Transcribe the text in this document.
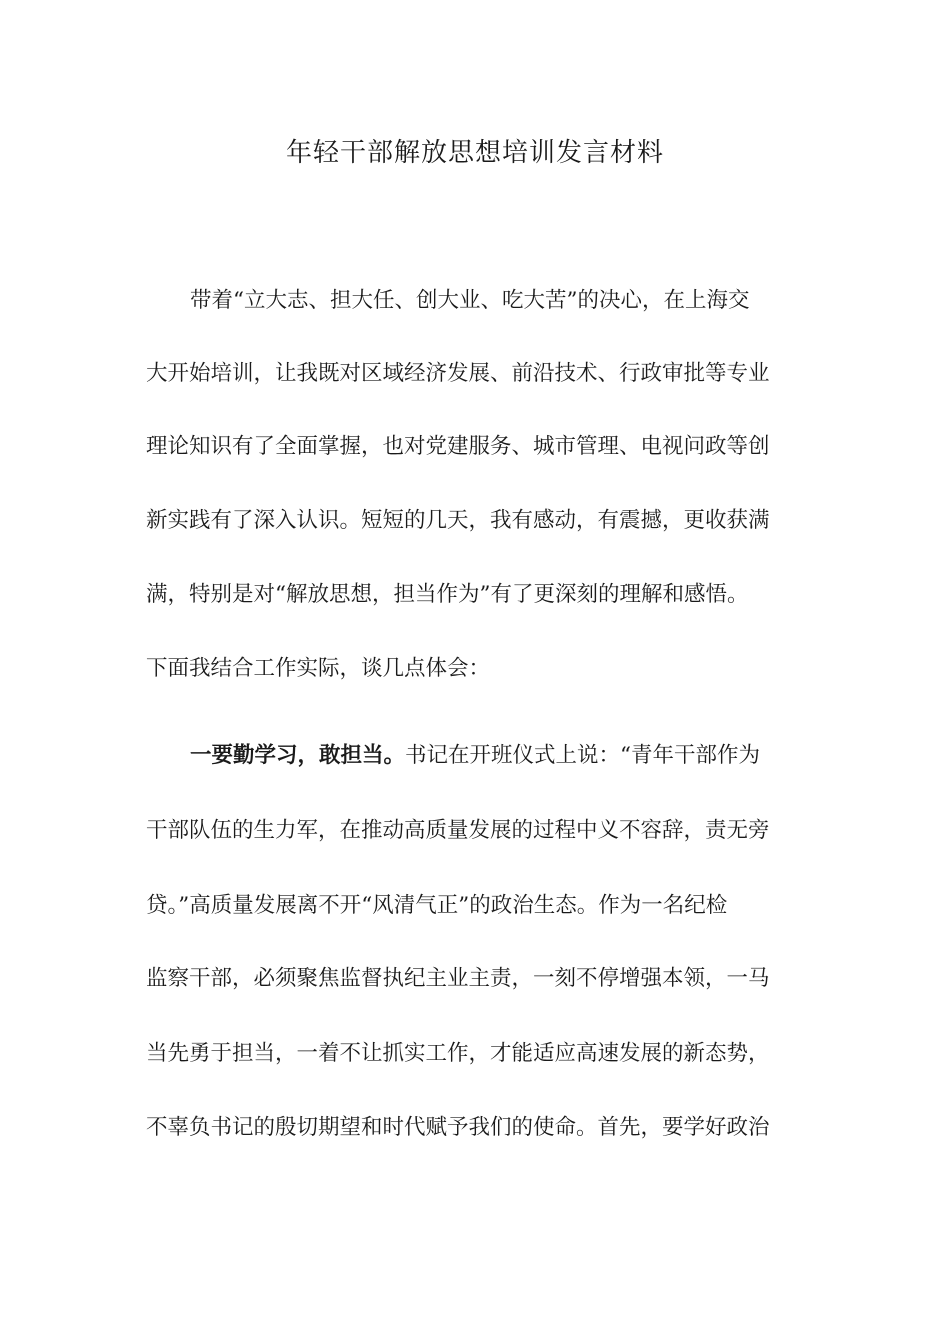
年轻干部解放思想培训发言材料
带着“立大志、担大任、创大业、吃大苦”的决心，在上海交
大开始培训，让我既对区域经济发展、前沿技术、行政审批等专业
理论知识有了全面掌握，也对党建服务、城市管理、电视问政等创
新实践有了深入认识。短短的几天，我有感动，有震撼，更收获满
满，特别是对“解放思想，担当作为”有了更深刻的理解和感悟。
下面我结合工作实际，谈几点体会：
一要勤学习，敢担当。书记在开班仪式上说：“青年干部作为
干部队伍的生力军，在推动高质量发展的过程中义不容辞，责无旁
贷。”高质量发展离不开“风清气正”的政治生态。作为一名纪检
监察干部，必须聚焦监督执纪主业主责，一刻不停增强本领，一马
当先勇于担当，一着不让抓实工作，才能适应高速发展的新态势，
不辜负书记的殷切期望和时代赋予我们的使命。首先，要学好政治
